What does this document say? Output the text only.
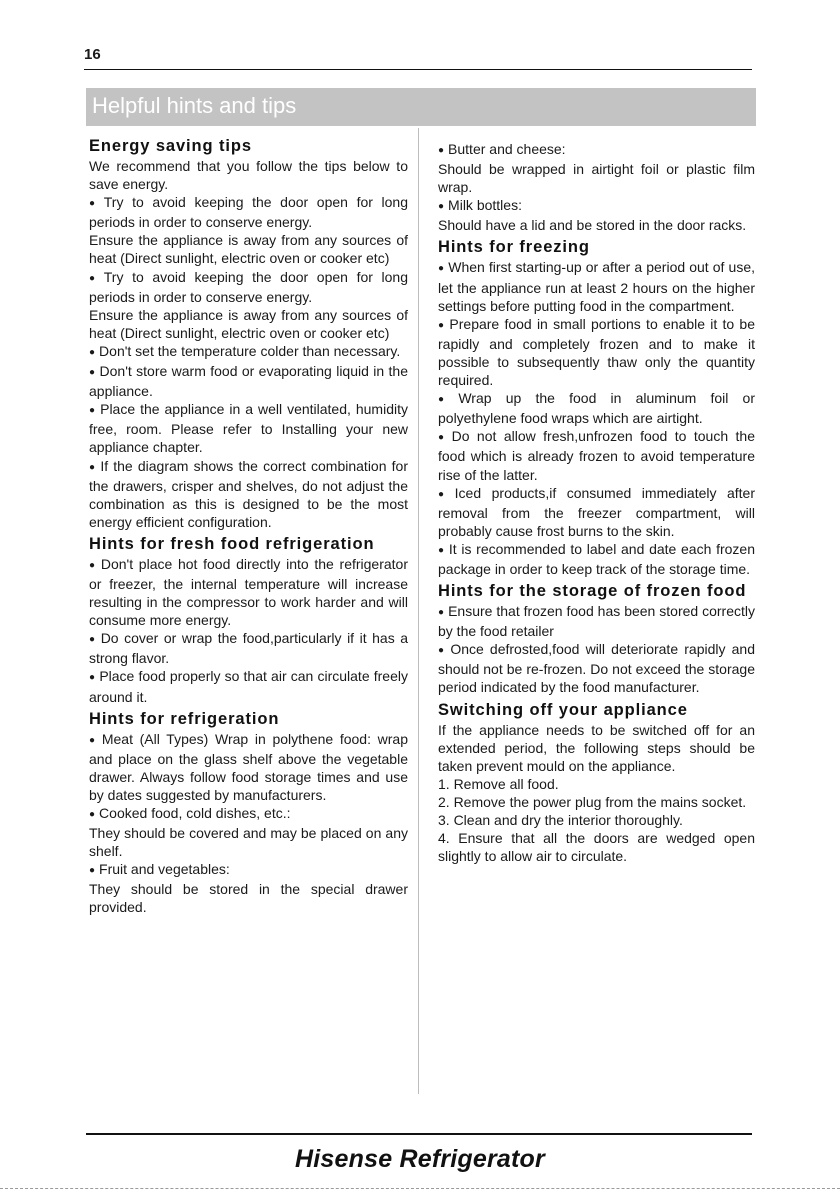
16
Helpful hints and tips
Energy saving tips

We recommend that you follow the tips below to save energy.

● Try to avoid keeping the door open for long periods in order to conserve energy.

Ensure the appliance is away from any sources of heat (Direct sunlight, electric oven or cooker etc)

● Try to avoid keeping the door open for long periods in order to conserve energy.

Ensure the appliance is away from any sources of heat (Direct sunlight, electric oven or cooker etc)

● Don't set the temperature colder than necessary.

● Don't store warm food or evaporating liquid in the appliance.

● Place the appliance in a well ventilated, humidity free, room. Please refer to Installing your new appliance chapter.

● If the diagram shows the correct combination for the drawers, crisper and shelves, do not adjust the combination as this is designed to be the most energy efficient configuration.

Hints for fresh food refrigeration

● Don't place hot food directly into the refrigerator or freezer, the internal temperature will increase resulting in the compressor to work harder and will consume more energy.

● Do cover or wrap the food,particularly if it has a strong flavor.

● Place food properly so that air can circulate freely around it.

Hints for refrigeration

● Meat (All Types) Wrap in polythene food: wrap and place on the glass shelf above the vegetable drawer. Always follow food storage times and use by dates suggested by manufacturers.

● Cooked food, cold dishes, etc.:

They should be covered and may be placed on any shelf.

● Fruit and vegetables:

They should be stored in the special drawer provided.

● Butter and cheese:

Should be wrapped in airtight foil or plastic film wrap.

● Milk bottles:

Should have a lid and be stored in the door racks.

Hints for freezing

● When first starting-up or after a period out of use, let the appliance run at least 2 hours on the higher settings before putting food in the compartment.

● Prepare food in small portions to enable it to be rapidly and completely frozen and to make it possible to subsequently thaw only the quantity required.

● Wrap up the food in aluminum foil or polyethylene food wraps which are airtight.

● Do not allow fresh,unfrozen food to touch the food which is already frozen to avoid temperature rise of the latter.

● Iced products,if consumed immediately after removal from the freezer compartment, will probably cause frost burns to the skin.

● It is recommended to label and date each frozen package in order to keep track of the storage time.

Hints for the storage of frozen food

● Ensure that frozen food has been stored correctly by the food retailer

● Once defrosted,food will deteriorate rapidly and should not be re-frozen. Do not exceed the storage period indicated by the food manufacturer.

Switching off your appliance

If the appliance needs to be switched off for an extended period, the following steps should be taken prevent mould on the appliance.

1. Remove all food.

2. Remove the power plug from the mains socket.

3. Clean and dry the interior thoroughly.

4. Ensure that all the doors are wedged open slightly to allow air to circulate.

Hisense Refrigerator
